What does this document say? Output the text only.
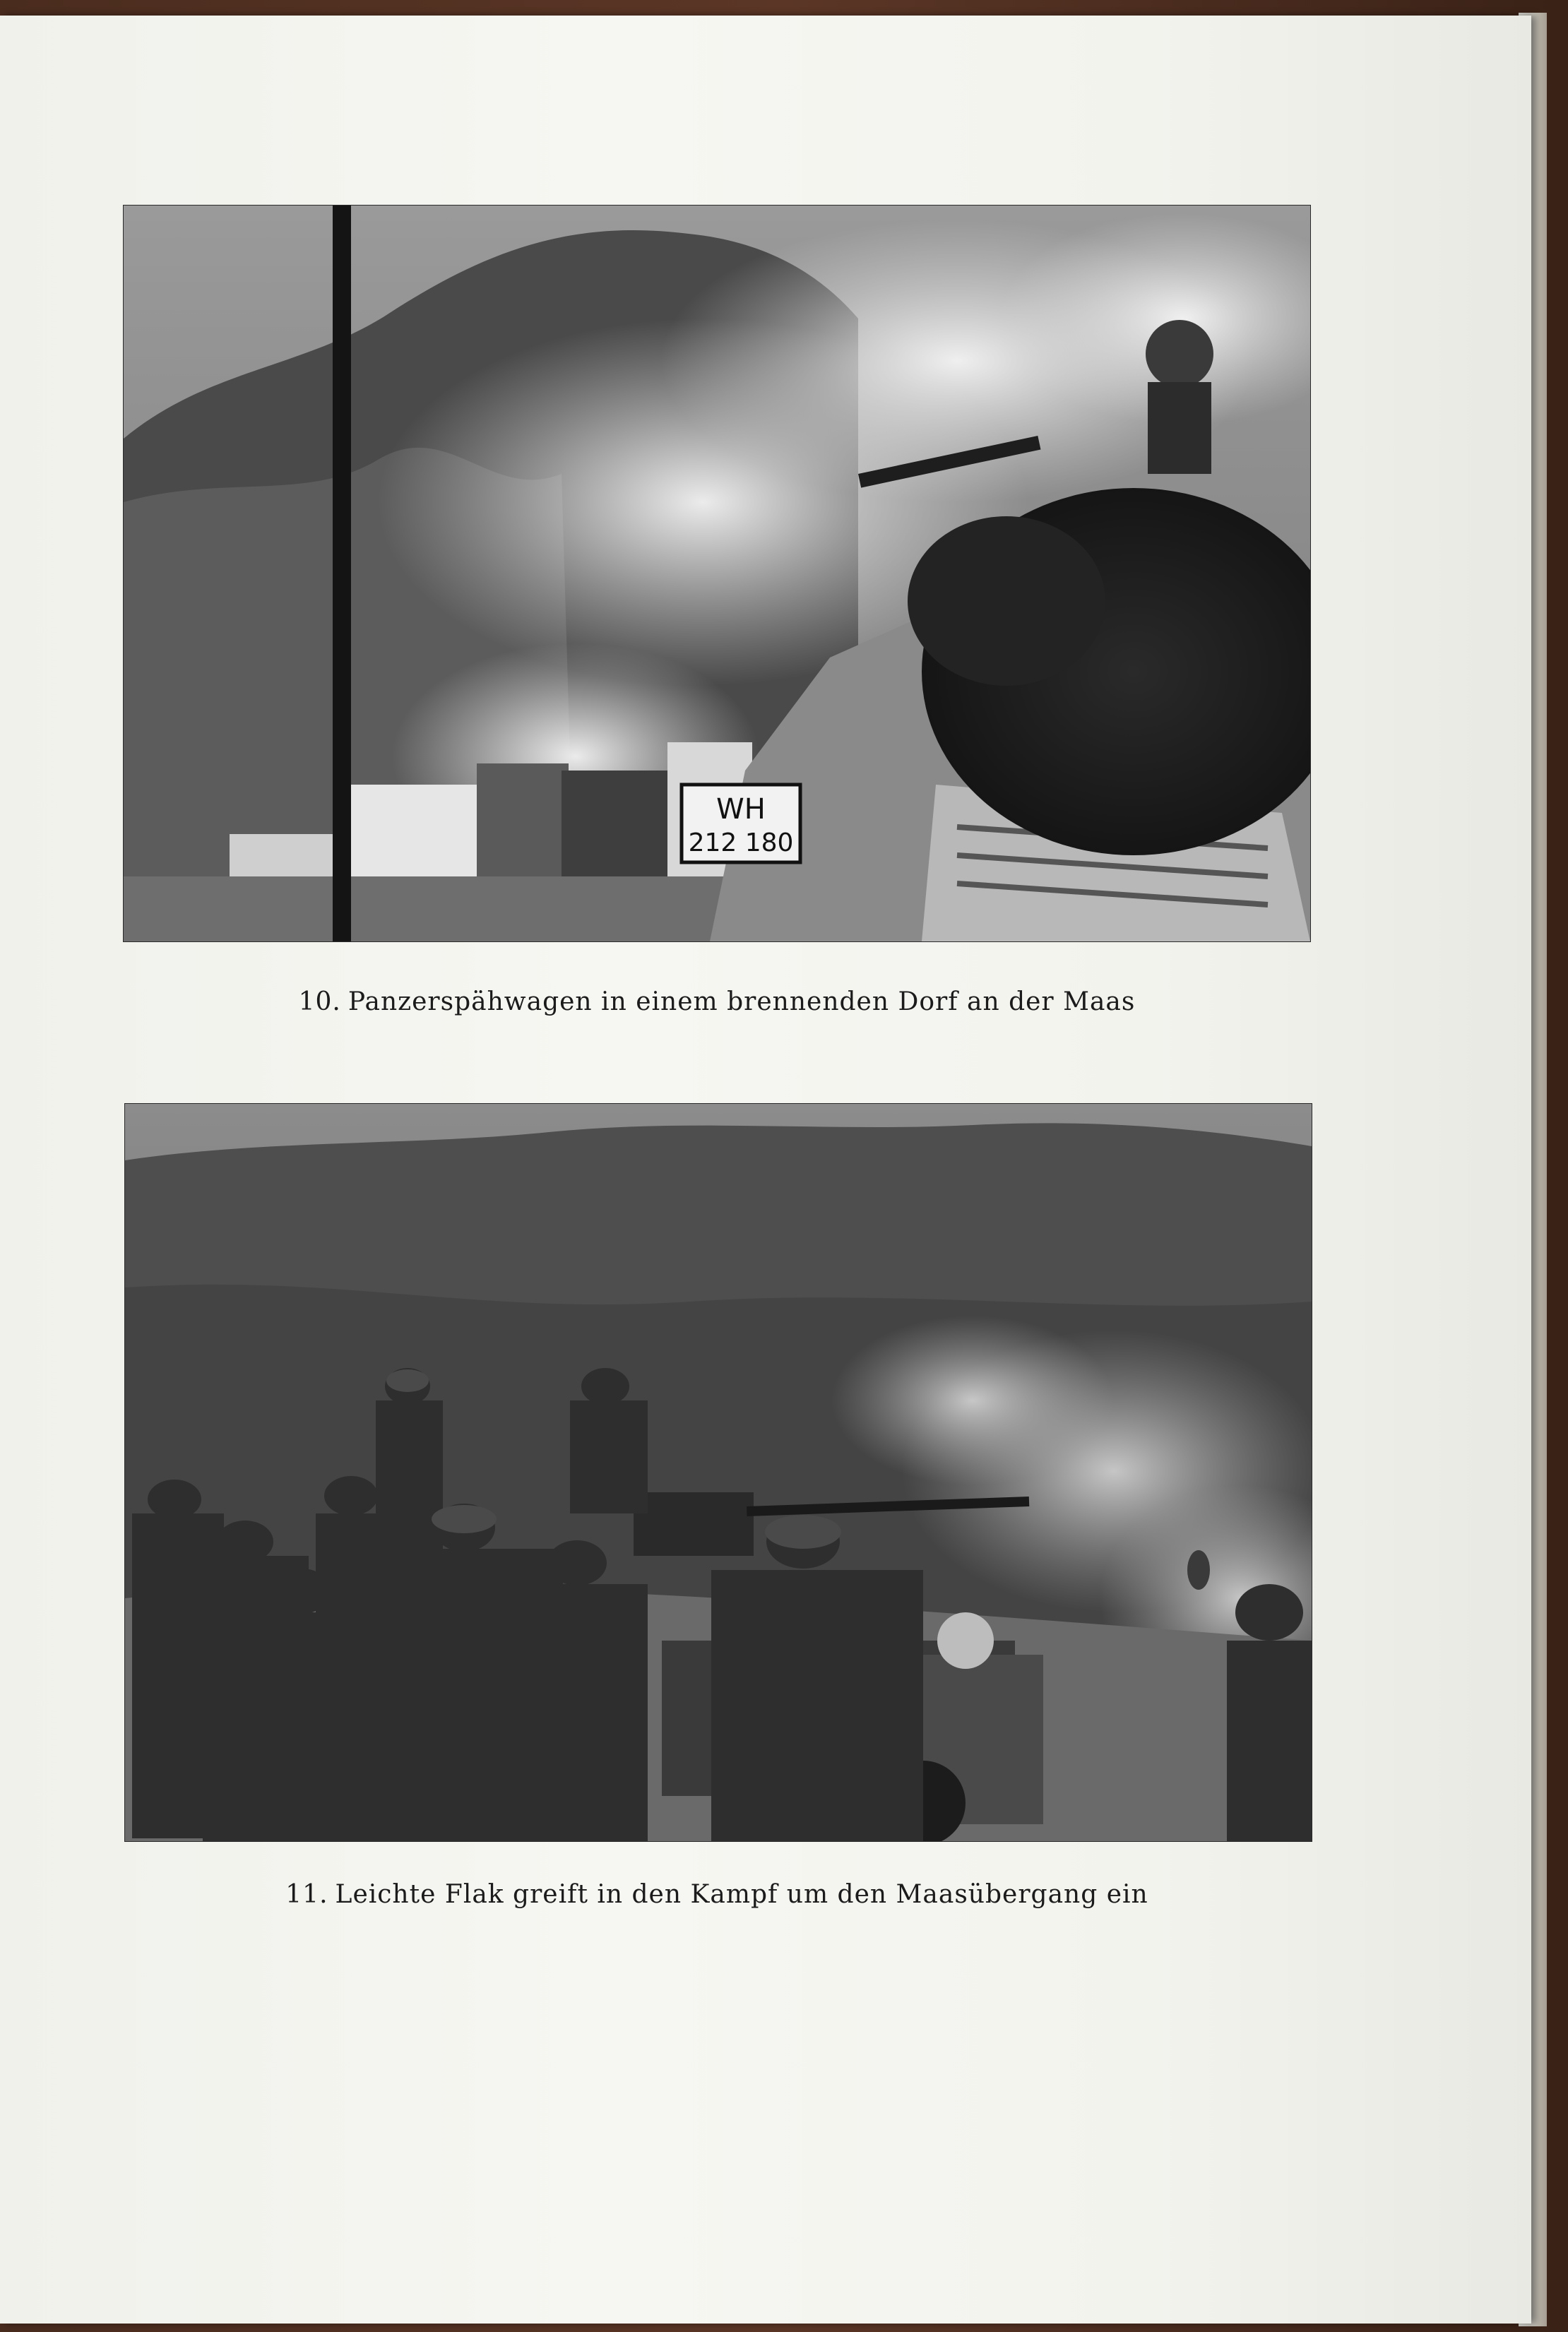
WH
212 180
10. Panzerspähwagen in einem brennenden Dorf an der Maas
11. Leichte Flak greift in den Kampf um den Maasübergang ein
